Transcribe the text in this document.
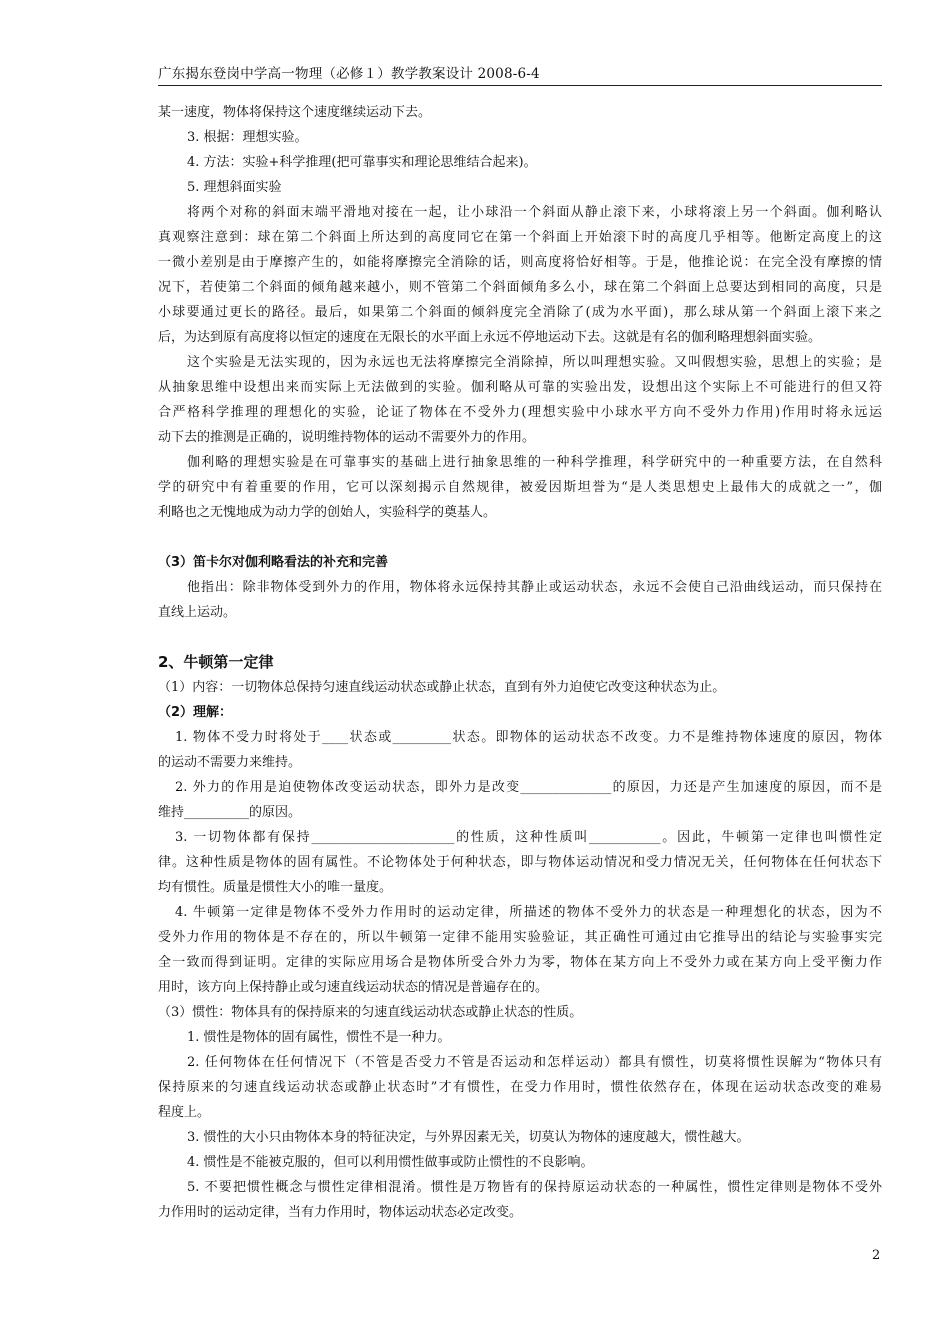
广东揭东登岗中学高一物理（必修１）教学教案设计 2008-6-4
某一速度，物体将保持这个速度继续运动下去。
3. 根据：理想实验。
4. 方法：实验+科学推理(把可靠事实和理论思维结合起来)。
5. 理想斜面实验
将两个对称的斜面末端平滑地对接在一起，让小球沿一个斜面从静止滚下来，小球将滚上另一个斜面。伽利略认
真观察注意到：球在第二个斜面上所达到的高度同它在第一个斜面上开始滚下时的高度几乎相等。他断定高度上的这
一微小差别是由于摩擦产生的，如能将摩擦完全消除的话，则高度将恰好相等。于是，他推论说：在完全没有摩擦的情
况下，若使第二个斜面的倾角越来越小，则不管第二个斜面倾角多么小，球在第二个斜面上总要达到相同的高度，只是
小球要通过更长的路径。最后，如果第二个斜面的倾斜度完全消除了(成为水平面)，那么球从第一个斜面上滚下来之
后，为达到原有高度将以恒定的速度在无限长的水平面上永远不停地运动下去。这就是有名的伽利略理想斜面实验。
这个实验是无法实现的，因为永远也无法将摩擦完全消除掉，所以叫理想实验。又叫假想实验，思想上的实验；是
从抽象思维中设想出来而实际上无法做到的实验。伽利略从可靠的实验出发，设想出这个实际上不可能进行的但又符
合严格科学推理的理想化的实验，论证了物体在不受外力(理想实验中小球水平方向不受外力作用)作用时将永远运
动下去的推测是正确的，说明维持物体的运动不需要外力的作用。
伽利略的理想实验是在可靠事实的基础上进行抽象思维的一种科学推理，科学研究中的一种重要方法，在自然科
学的研究中有着重要的作用，它可以深刻揭示自然规律，被爱因斯坦誉为“是人类思想史上最伟大的成就之一”，伽
利略也之无愧地成为动力学的创始人，实验科学的奠基人。
（3）笛卡尔对伽利略看法的补充和完善
他指出：除非物体受到外力的作用，物体将永远保持其静止或运动状态，永远不会使自己沿曲线运动，而只保持在
直线上运动。
2、牛顿第一定律
（1）内容：一切物体总保持匀速直线运动状态或静止状态，直到有外力迫使它改变这种状态为止。
（2）理解：
1. 物体不受力时将处于____状态或_________状态。即物体的运动状态不改变。力不是维持物体速度的原因，物体
的运动不需要力来维持。
2. 外力的作用是迫使物体改变运动状态，即外力是改变______________的原因，力还是产生加速度的原因，而不是
维持__________的原因。
3. 一切物体都有保持______________________的性质，这种性质叫___________。因此，牛顿第一定律也叫惯性定
律。这种性质是物体的固有属性。不论物体处于何种状态，即与物体运动情况和受力情况无关，任何物体在任何状态下
均有惯性。质量是惯性大小的唯一量度。
4. 牛顿第一定律是物体不受外力作用时的运动定律，所描述的物体不受外力的状态是一种理想化的状态，因为不
受外力作用的物体是不存在的，所以牛顿第一定律不能用实验验证，其正确性可通过由它推导出的结论与实验事实完
全一致而得到证明。定律的实际应用场合是物体所受合外力为零，物体在某方向上不受外力或在某方向上受平衡力作
用时，该方向上保持静止或匀速直线运动状态的情况是普遍存在的。
（3）惯性：物体具有的保持原来的匀速直线运动状态或静止状态的性质。
1. 惯性是物体的固有属性，惯性不是一种力。
2. 任何物体在任何情况下（不管是否受力不管是否运动和怎样运动）都具有惯性，切莫将惯性误解为“物体只有
保持原来的匀速直线运动状态或静止状态时”才有惯性，在受力作用时，惯性依然存在，体现在运动状态改变的难易
程度上。
3. 惯性的大小只由物体本身的特征决定，与外界因素无关，切莫认为物体的速度越大，惯性越大。
4. 惯性是不能被克服的，但可以利用惯性做事或防止惯性的不良影响。
5. 不要把惯性概念与惯性定律相混淆。惯性是万物皆有的保持原运动状态的一种属性，惯性定律则是物体不受外
力作用时的运动定律，当有力作用时，物体运动状态必定改变。
2
